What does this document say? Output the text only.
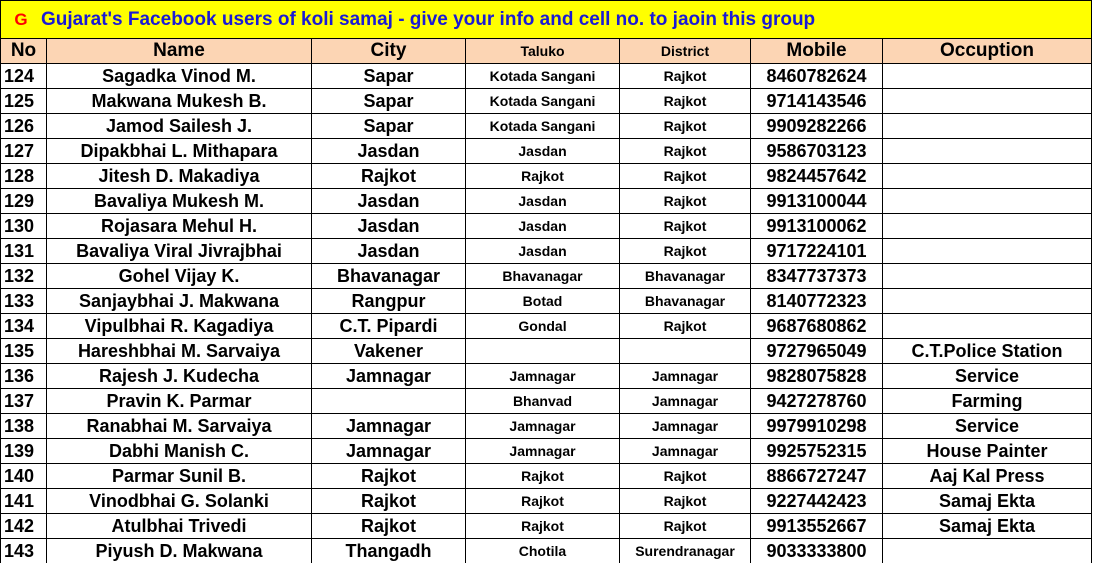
G Gujarat's Facebook users of koli samaj - give your info and cell no. to jaoin this group						
No	Name	City	Taluko	District	Mobile	Occuption
124	Sagadka Vinod M.	Sapar	Kotada Sangani	Rajkot	8460782624	
125	Makwana Mukesh B.	Sapar	Kotada Sangani	Rajkot	9714143546	
126	Jamod Sailesh J.	Sapar	Kotada Sangani	Rajkot	9909282266	
127	Dipakbhai L. Mithapara	Jasdan	Jasdan	Rajkot	9586703123	
128	Jitesh D. Makadiya	Rajkot	Rajkot	Rajkot	9824457642	
129	Bavaliya Mukesh M.	Jasdan	Jasdan	Rajkot	9913100044	
130	Rojasara Mehul H.	Jasdan	Jasdan	Rajkot	9913100062	
131	Bavaliya Viral Jivrajbhai	Jasdan	Jasdan	Rajkot	9717224101	
132	Gohel Vijay K.	Bhavanagar	Bhavanagar	Bhavanagar	8347737373	
133	Sanjaybhai J. Makwana	Rangpur	Botad	Bhavanagar	8140772323	
134	Vipulbhai R. Kagadiya	C.T. Pipardi	Gondal	Rajkot	9687680862	
135	Hareshbhai M. Sarvaiya	Vakener			9727965049	C.T.Police Station
136	Rajesh J. Kudecha	Jamnagar	Jamnagar	Jamnagar	9828075828	Service
137	Pravin K. Parmar		Bhanvad	Jamnagar	9427278760	Farming
138	Ranabhai M. Sarvaiya	Jamnagar	Jamnagar	Jamnagar	9979910298	Service
139	Dabhi Manish C.	Jamnagar	Jamnagar	Jamnagar	9925752315	House Painter
140	Parmar Sunil B.	Rajkot	Rajkot	Rajkot	8866727247	Aaj Kal Press
141	Vinodbhai G. Solanki	Rajkot	Rajkot	Rajkot	9227442423	Samaj Ekta
142	Atulbhai Trivedi	Rajkot	Rajkot	Rajkot	9913552667	Samaj Ekta
143	Piyush D. Makwana	Thangadh	Chotila	Surendranagar	9033333800	
